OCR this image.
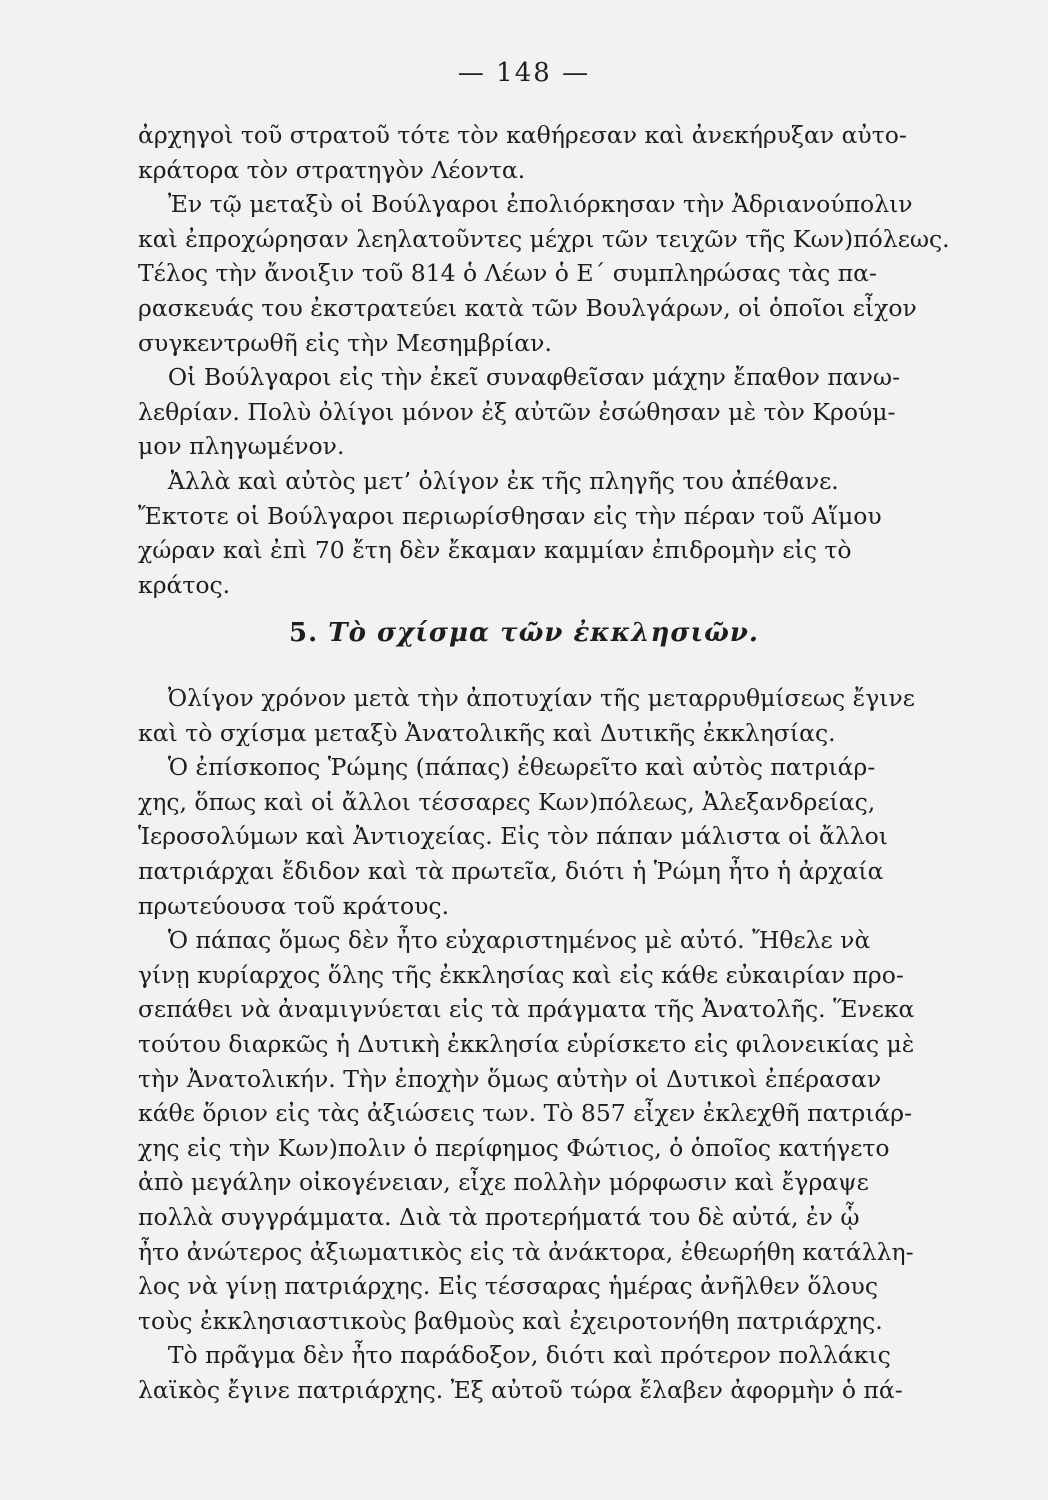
— 148 —
ἀρχηγοὶ τοῦ στρατοῦ τότε τὸν καθήρεσαν καὶ ἀνεκήρυξαν αὐτο-
κράτορα τὸν στρατηγὸν Λέοντα.
Ἐν τῷ μεταξὺ οἱ Βούλγαροι ἐπολιόρκησαν τὴν Ἀδριανούπολιν
καὶ ἐπροχώρησαν λεηλατοῦντες μέχρι τῶν τειχῶν τῆς Κων)πόλεως.
Τέλος τὴν ἄνοιξιν τοῦ 814 ὁ Λέων ὁ Ε΄ συμπληρώσας τὰς πα-
ρασκευάς του ἐκστρατεύει κατὰ τῶν Βουλγάρων, οἱ ὁποῖοι εἶχον
συγκεντρωθῆ εἰς τὴν Μεσημβρίαν.
Οἱ Βούλγαροι εἰς τὴν ἐκεῖ συναφθεῖσαν μάχην ἔπαθον πανω-
λεθρίαν. Πολὺ ὀλίγοι μόνον ἐξ αὐτῶν ἐσώθησαν μὲ τὸν Κρούμ-
μον πληγωμένον.
Ἀλλὰ καὶ αὐτὸς μετ’ ὀλίγον ἐκ τῆς πληγῆς του ἀπέθανε.
Ἔκτοτε οἱ Βούλγαροι περιωρίσθησαν εἰς τὴν πέραν τοῦ Αἵμου
χώραν καὶ ἐπὶ 70 ἔτη δὲν ἔκαμαν καμμίαν ἐπιδρομὴν εἰς τὸ
κράτος.
5. Τὸ σχίσμα τῶν ἐκκλησιῶν.
Ὀλίγον χρόνον μετὰ τὴν ἀποτυχίαν τῆς μεταρρυθμίσεως ἔγινε
καὶ τὸ σχίσμα μεταξὺ Ἀνατολικῆς καὶ Δυτικῆς ἐκκλησίας.
Ὁ ἐπίσκοπος Ῥώμης (πάπας) ἐθεωρεῖτο καὶ αὐτὸς πατριάρ-
χης, ὅπως καὶ οἱ ἄλλοι τέσσαρες Κων)πόλεως, Ἀλεξανδρείας,
Ἱεροσολύμων καὶ Ἀντιοχείας. Εἰς τὸν πάπαν μάλιστα οἱ ἄλλοι
πατριάρχαι ἔδιδον καὶ τὰ πρωτεῖα, διότι ἡ Ῥώμη ἦτο ἡ ἀρχαία
πρωτεύουσα τοῦ κράτους.
Ὁ πάπας ὅμως δὲν ἦτο εὐχαριστημένος μὲ αὐτό. Ἤθελε νὰ
γίνῃ κυρίαρχος ὅλης τῆς ἐκκλησίας καὶ εἰς κάθε εὐκαιρίαν προ-
σεπάθει νὰ ἀναμιγνύεται εἰς τὰ πράγματα τῆς Ἀνατολῆς. Ἕνεκα
τούτου διαρκῶς ἡ Δυτικὴ ἐκκλησία εὑρίσκετο εἰς φιλονεικίας μὲ
τὴν Ἀνατολικήν. Τὴν ἐποχὴν ὅμως αὐτὴν οἱ Δυτικοὶ ἐπέρασαν
κάθε ὅριον εἰς τὰς ἀξιώσεις των. Τὸ 857 εἶχεν ἐκλεχθῆ πατριάρ-
χης εἰς τὴν Κων)πολιν ὁ περίφημος Φώτιος, ὁ ὁποῖος κατήγετο
ἀπὸ μεγάλην οἰκογένειαν, εἶχε πολλὴν μόρφωσιν καὶ ἔγραψε
πολλὰ συγγράμματα. Διὰ τὰ προτερήματά του δὲ αὐτά, ἐν ᾧ
ἦτο ἀνώτερος ἀξιωματικὸς εἰς τὰ ἀνάκτορα, ἐθεωρήθη κατάλλη-
λος νὰ γίνῃ πατριάρχης. Εἰς τέσσαρας ἡμέρας ἀνῆλθεν ὅλους
τοὺς ἐκκλησιαστικοὺς βαθμοὺς καὶ ἐχειροτονήθη πατριάρχης.
Τὸ πρᾶγμα δὲν ἦτο παράδοξον, διότι καὶ πρότερον πολλάκις
λαϊκὸς ἔγινε πατριάρχης. Ἐξ αὐτοῦ τώρα ἔλαβεν ἀφορμὴν ὁ πά-
